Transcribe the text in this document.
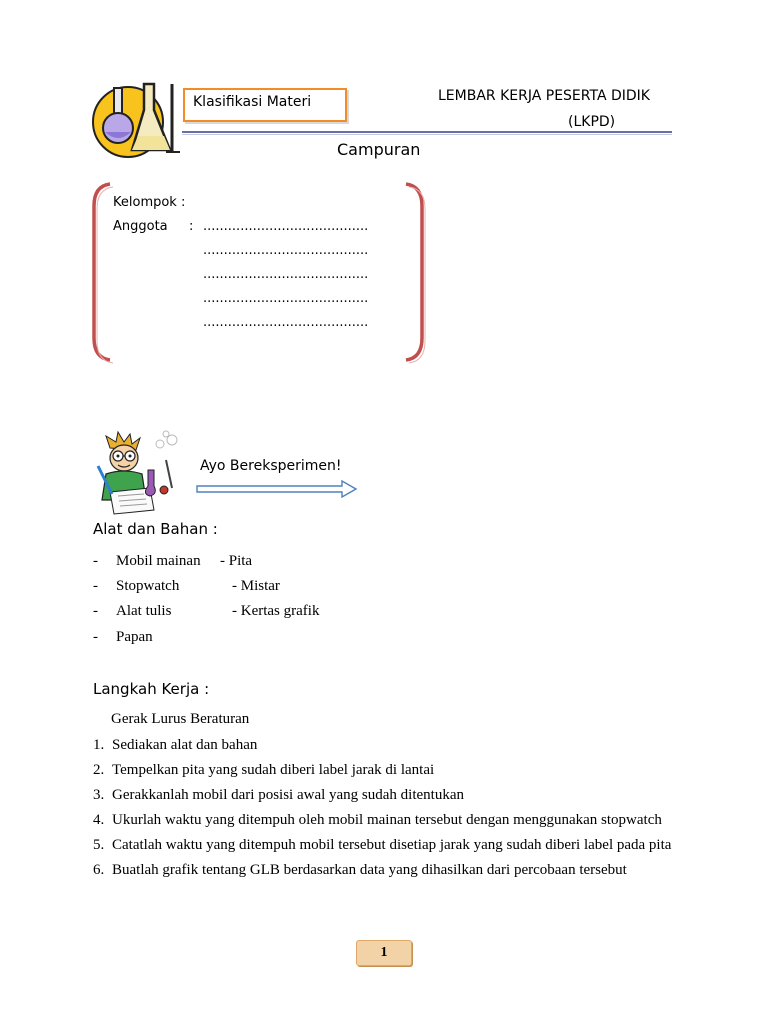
Klasifikasi Materi	LEMBAR KERJA PESERTA DIDIK
(LKPD)
Campuran
Kelompok :
Anggota : ........................................
........................................
........................................
........................................
........................................
Ayo Bereksperimen!
Alat dan Bahan :
- Mobil mainan - Pita
- Stopwatch	- Mistar
- Alat tulis	- Kertas grafik
- Papan
Langkah Kerja :
Gerak Lurus Beraturan
1. Sediakan alat dan bahan
2. Tempelkan pita yang sudah diberi label jarak di lantai
3. Gerakkanlah mobil dari posisi awal yang sudah ditentukan
4. Ukurlah waktu yang ditempuh oleh mobil mainan tersebut dengan menggunakan stopwatch
5. Catatlah waktu yang ditempuh mobil tersebut disetiap jarak yang sudah diberi label pada pita
6. Buatlah grafik tentang GLB berdasarkan data yang dihasilkan dari percobaan tersebut
1
